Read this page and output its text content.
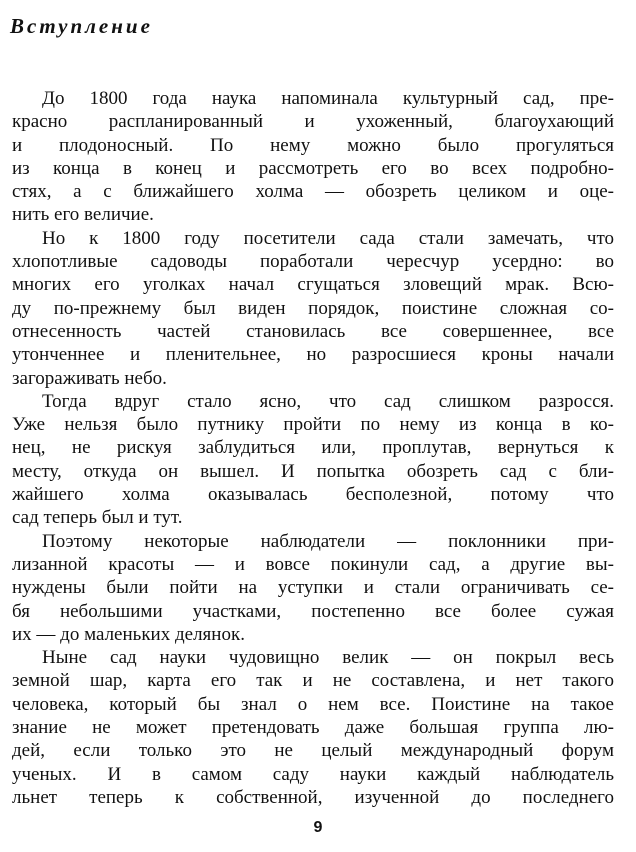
Вступление
До 1800 года наука напоминала культурный сад, пре-
красно распланированный и ухоженный, благоухающий
и плодоносный. По нему можно было прогуляться
из конца в конец и рассмотреть его во всех подробно-
стях, а с ближайшего холма — обозреть целиком и оце-
нить его величие.
Но к 1800 году посетители сада стали замечать, что
хлопотливые садоводы поработали чересчур усердно: во
многих его уголках начал сгущаться зловещий мрак. Всю-
ду по-прежнему был виден порядок, поистине сложная со-
отнесенность частей становилась все совершеннее, все
утонченнее и пленительнее, но разросшиеся кроны начали
загораживать небо.
Тогда вдруг стало ясно, что сад слишком разросся.
Уже нельзя было путнику пройти по нему из конца в ко-
нец, не рискуя заблудиться или, проплутав, вернуться к
месту, откуда он вышел. И попытка обозреть сад с бли-
жайшего холма оказывалась бесполезной, потому что
сад теперь был и тут.
Поэтому некоторые наблюдатели — поклонники при-
лизанной красоты — и вовсе покинули сад, а другие вы-
нуждены были пойти на уступки и стали ограничивать се-
бя небольшими участками, постепенно все более сужая
их — до маленьких делянок.
Ныне сад науки чудовищно велик — он покрыл весь
земной шар, карта его так и не составлена, и нет такого
человека, который бы знал о нем все. Поистине на такое
знание не может претендовать даже большая группа лю-
дей, если только это не целый международный форум
ученых. И в самом саду науки каждый наблюдатель
льнет теперь к собственной, изученной до последнего
9
